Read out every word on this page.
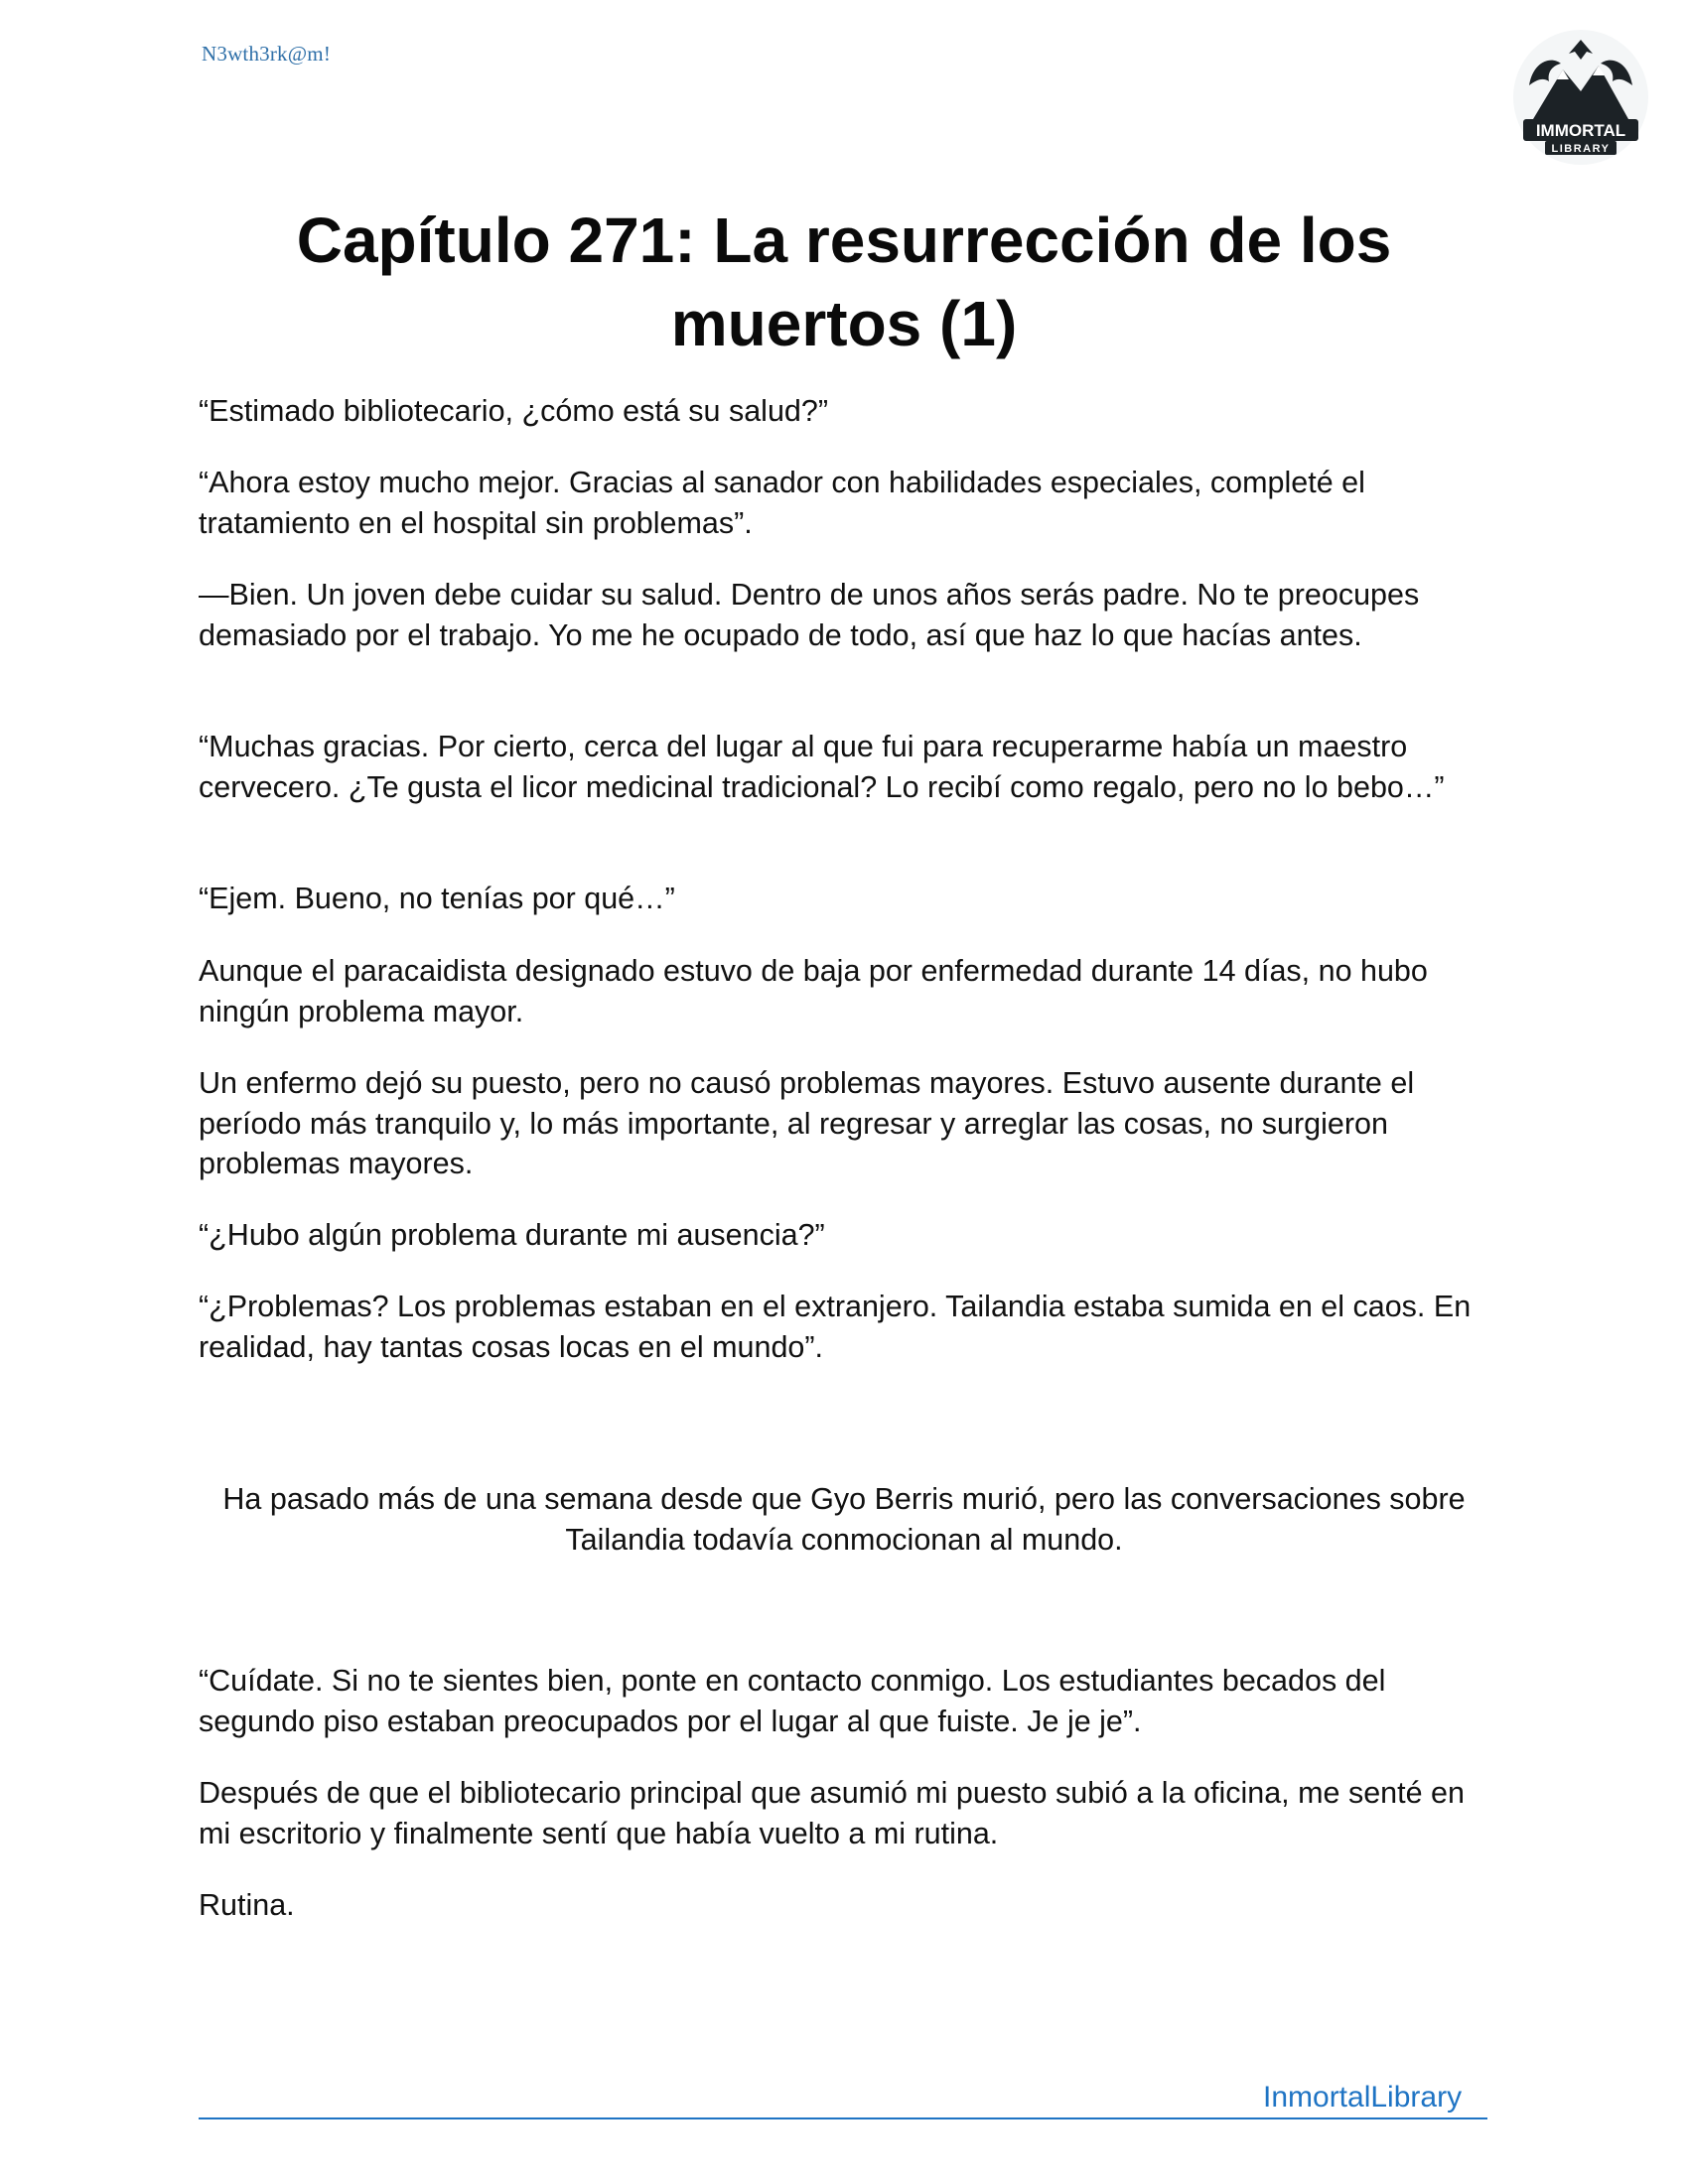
N3wth3rk@m!
IMMORTAL
LIBRARY
Capítulo 271: La resurrección de los muertos (1)

“Estimado bibliotecario, ¿cómo está su salud?”

“Ahora estoy mucho mejor. Gracias al sanador con habilidades especiales, completé el tratamiento en el hospital sin problemas”.

—Bien. Un joven debe cuidar su salud. Dentro de unos años serás padre. No te preocupes demasiado por el trabajo. Yo me he ocupado de todo, así que haz lo que hacías antes.

“Muchas gracias. Por cierto, cerca del lugar al que fui para recuperarme había un maestro cervecero. ¿Te gusta el licor medicinal tradicional? Lo recibí como regalo, pero no lo bebo…”

“Ejem. Bueno, no tenías por qué…”

Aunque el paracaidista designado estuvo de baja por enfermedad durante 14 días, no hubo ningún problema mayor.

Un enfermo dejó su puesto, pero no causó problemas mayores. Estuvo ausente durante el período más tranquilo y, lo más importante, al regresar y arreglar las cosas, no surgieron problemas mayores.

“¿Hubo algún problema durante mi ausencia?”

“¿Problemas? Los problemas estaban en el extranjero. Tailandia estaba sumida en el caos. En realidad, hay tantas cosas locas en el mundo”.

Ha pasado más de una semana desde que Gyo Berris murió, pero las conversaciones sobre Tailandia todavía conmocionan al mundo.

“Cuídate. Si no te sientes bien, ponte en contacto conmigo. Los estudiantes becados del segundo piso estaban preocupados por el lugar al que fuiste. Je je je”.

Después de que el bibliotecario principal que asumió mi puesto subió a la oficina, me senté en mi escritorio y finalmente sentí que había vuelto a mi rutina.

Rutina.

InmortalLibrary
